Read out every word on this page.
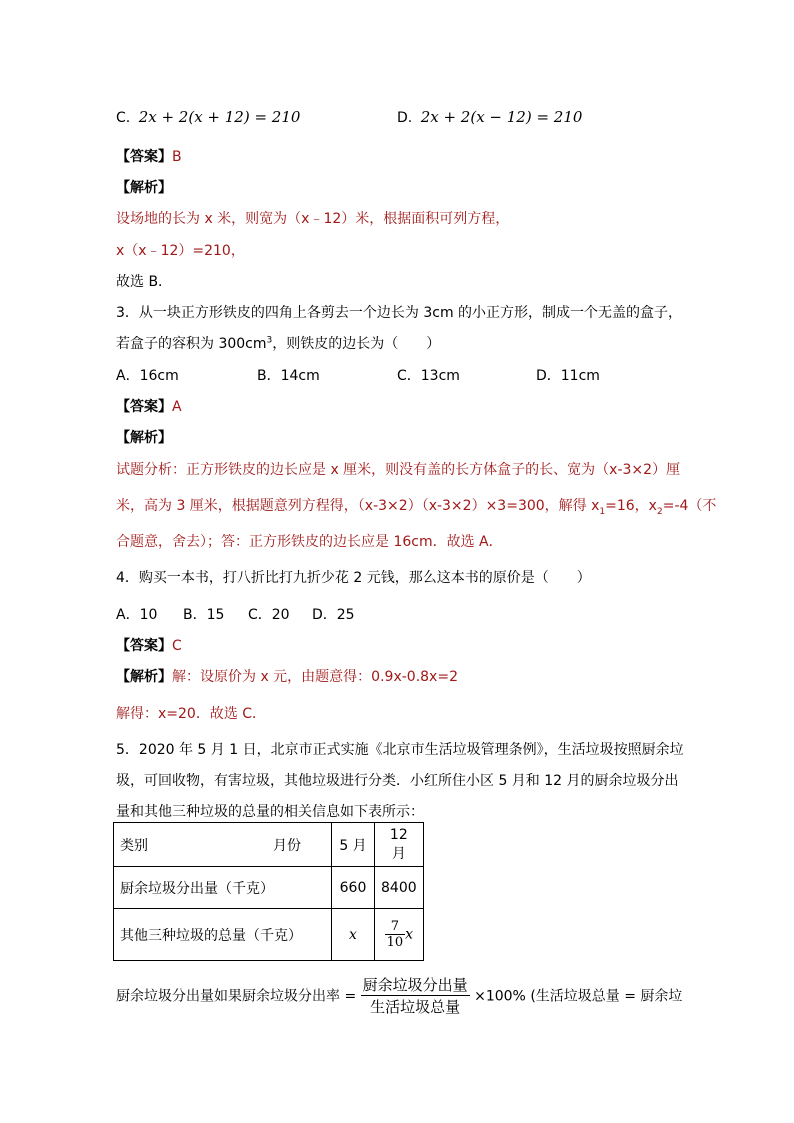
C. 2x + 2(x + 12) = 210	D. 2x + 2(x − 12) = 210
【答案】B
【解析】
设场地的长为 x 米，则宽为（x﹣12）米，根据面积可列方程，
x（x﹣12）=210，
故选 B．
3．从一块正方形铁皮的四角上各剪去一个边长为 3cm 的小正方形，制成一个无盖的盒子，
若盒子的容积为 $300cm^3$，则铁皮的边长为（　　）
A．16cm	B．14cm	C．13cm	D．11cm
【答案】A
【解析】
试题分析：正方形铁皮的边长应是 x 厘米，则没有盖的长方体盒子的长、宽为（x-3×2）厘
米，高为 3 厘米，根据题意列方程得，（x-3×2）（x-3×2）×3=300，解得 $x_1=16$，$x_2=-4$（不
合题意，舍去）；答：正方形铁皮的边长应是 16cm．故选 A．
4．购买一本书，打八折比打九折少花 2 元钱，那么这本书的原价是（　　）
A．10 B．15 C．20 D．25
【答案】C
【解析】解：设原价为 x 元，由题意得：0.9x-0.8x=2
解得：x=20．故选 C．
5．2020 年 5 月 1 日，北京市正式实施《北京市生活垃圾管理条例》，生活垃圾按照厨余垃
圾，可回收物，有害垃圾，其他垃圾进行分类．小红所住小区 5 月和 12 月的厨余垃圾分出
量和其他三种垃圾的总量的相关信息如下表所示：
类别 月份	5 月	12 月
厨余垃圾分出量（千克）	660	8400
其他三种垃圾的总量（千克）	x	$\frac{7}{10}$ x
厨余垃圾分出量如果厨余垃圾分出率 = $\frac{\text{厨余垃圾分出量}}{\text{生活垃圾总量}} \times 100\%$ (生活垃圾总量 = 厨余垃
